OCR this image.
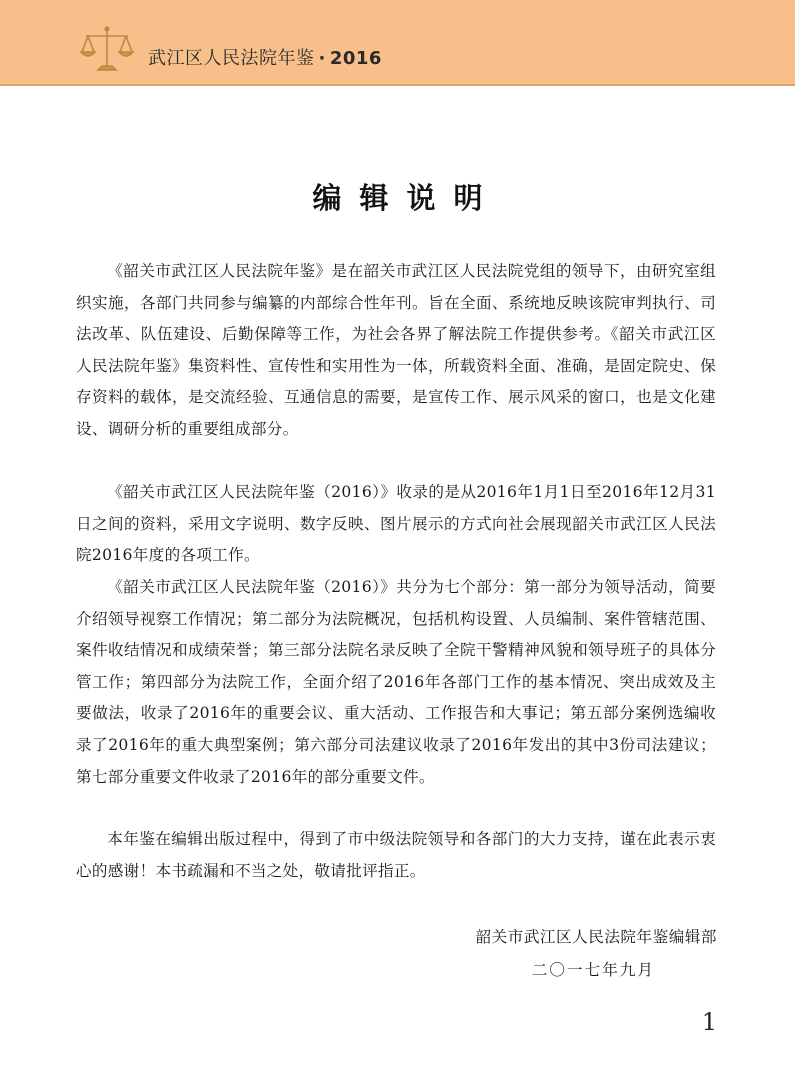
武江区人民法院年鉴 · 2016
编辑说明

《韶关市武江区人民法院年鉴》是在韶关市武江区人民法院党组的领导下，由研究室组织实施，各部门共同参与编纂的内部综合性年刊。旨在全面、系统地反映该院审判执行、司法改革、队伍建设、后勤保障等工作，为社会各界了解法院工作提供参考。《韶关市武江区人民法院年鉴》集资料性、宣传性和实用性为一体，所载资料全面、准确，是固定院史、保存资料的载体，是交流经验、互通信息的需要，是宣传工作、展示风采的窗口，也是文化建设、调研分析的重要组成部分。

《韶关市武江区人民法院年鉴（2016）》收录的是从2016年1月1日至2016年12月31日之间的资料，采用文字说明、数字反映、图片展示的方式向社会展现韶关市武江区人民法院2016年度的各项工作。

《韶关市武江区人民法院年鉴（2016）》共分为七个部分：第一部分为领导活动，简要介绍领导视察工作情况；第二部分为法院概况，包括机构设置、人员编制、案件管辖范围、案件收结情况和成绩荣誉；第三部分法院名录反映了全院干警精神风貌和领导班子的具体分管工作；第四部分为法院工作，全面介绍了2016年各部门工作的基本情况、突出成效及主要做法，收录了2016年的重要会议、重大活动、工作报告和大事记；第五部分案例选编收录了2016年的重大典型案例；第六部分司法建议收录了2016年发出的其中3份司法建议；第七部分重要文件收录了2016年的部分重要文件。

本年鉴在编辑出版过程中，得到了市中级法院领导和各部门的大力支持，谨在此表示衷心的感谢！本书疏漏和不当之处，敬请批评指正。

韶关市武江区人民法院年鉴编辑部
二〇一七年九月
1
